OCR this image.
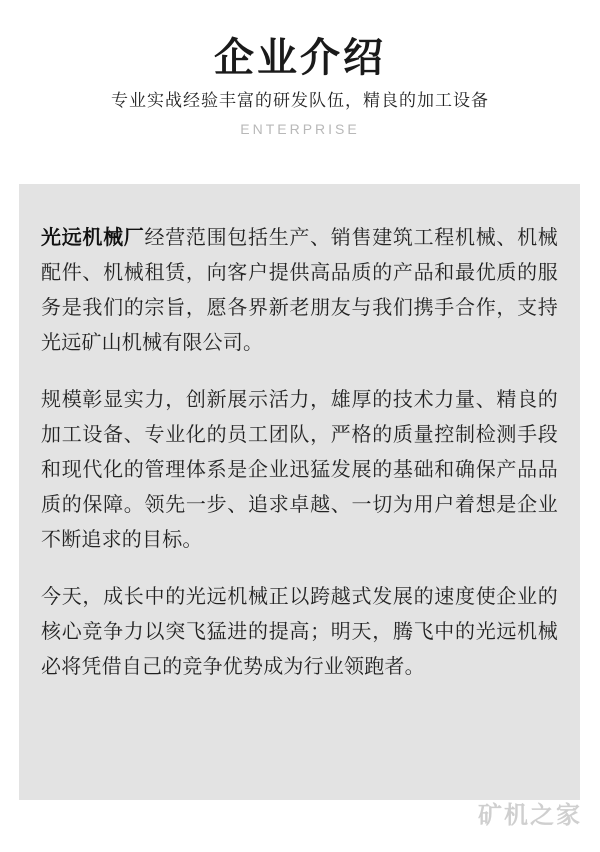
企业介绍
专业实战经验丰富的研发队伍，精良的加工设备
ENTERPRISE

光远机械厂经营范围包括生产、销售建筑工程机械、机械配件、机械租赁，向客户提供高品质的产品和最优质的服务是我们的宗旨，愿各界新老朋友与我们携手合作，支持光远矿山机械有限公司。

规模彰显实力，创新展示活力，雄厚的技术力量、精良的加工设备、专业化的员工团队，严格的质量控制检测手段和现代化的管理体系是企业迅猛发展的基础和确保产品品质的保障。领先一步、追求卓越、一切为用户着想是企业不断追求的目标。

今天，成长中的光远机械正以跨越式发展的速度使企业的核心竞争力以突飞猛进的提高；明天，腾飞中的光远机械必将凭借自己的竞争优势成为行业领跑者。

矿机之家
